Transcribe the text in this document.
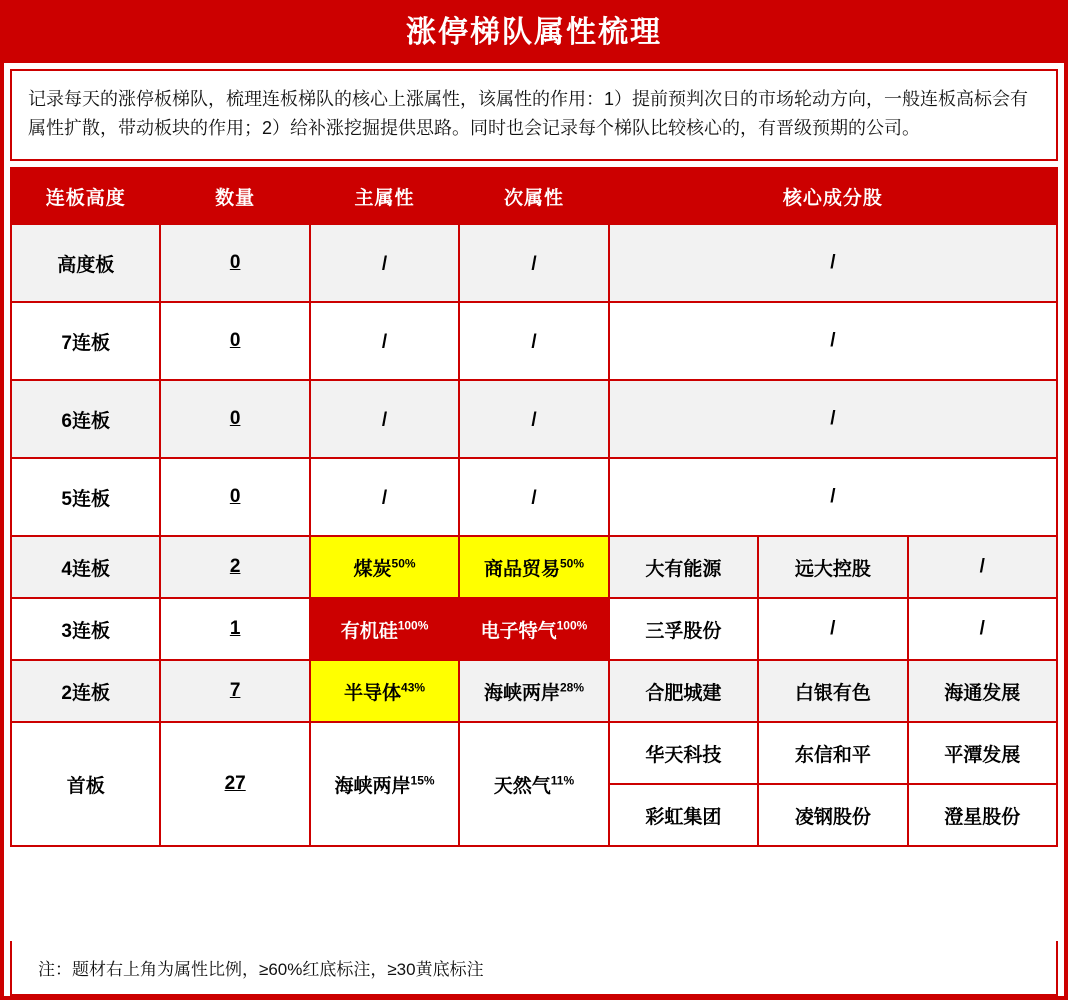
涨停梯队属性梳理
记录每天的涨停板梯队，梳理连板梯队的核心上涨属性，该属性的作用：1）提前预判次日的市场轮动方向，一般连板高标会有属性扩散，带动板块的作用；2）给补涨挖掘提供思路。同时也会记录每个梯队比较核心的，有晋级预期的公司。
连板高度	数量	主属性	次属性	核心成分股		
高度板	0	/	/	/		
7连板	0	/	/	/		
6连板	0	/	/	/		
5连板	0	/	/	/		
4连板	2	煤炭$^{50\%}$	商品贸易$^{50\%}$	大有能源	远大控股	/
3连板	1	有机硅$^{100\%}$	电子特气$^{100\%}$	三孚股份	/	/
2连板	7	半导体$^{43\%}$	海峡两岸$^{28\%}$	合肥城建	白银有色	海通发展
首板	27	海峡两岸$^{15\%}$	天然气$^{11\%}$	华天科技	东信和平	平潭发展
				彩虹集团	凌钢股份	澄星股份
注：题材右上角为属性比例，≥60%红底标注，≥30黄底标注
